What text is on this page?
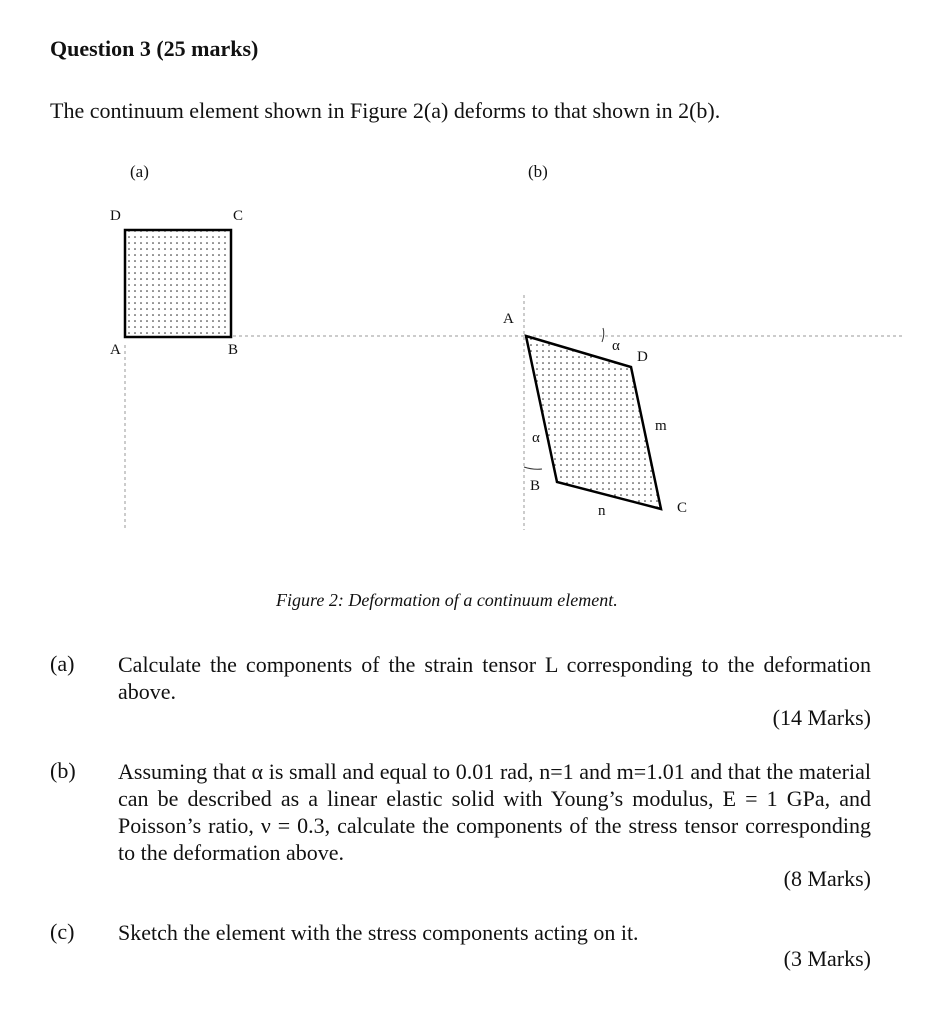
Question 3 (25 marks)
The continuum element shown in Figure 2(a) deforms to that shown in 2(b).
(a)	(b)
D	C
A	B
A
D
C
B
α
α
m
n
Figure 2: Deformation of a continuum element.
(a) Calculate the components of the strain tensor L corresponding to the deformation above.
(14 Marks)
(b) Assuming that α is small and equal to 0.01 rad, n=1 and m=1.01 and that the material can be described as a linear elastic solid with Young’s modulus, E = 1 GPa, and Poisson’s ratio, ν = 0.3, calculate the components of the stress tensor corresponding to the deformation above.
(8 Marks)
(c) Sketch the element with the stress components acting on it.
(3 Marks)
